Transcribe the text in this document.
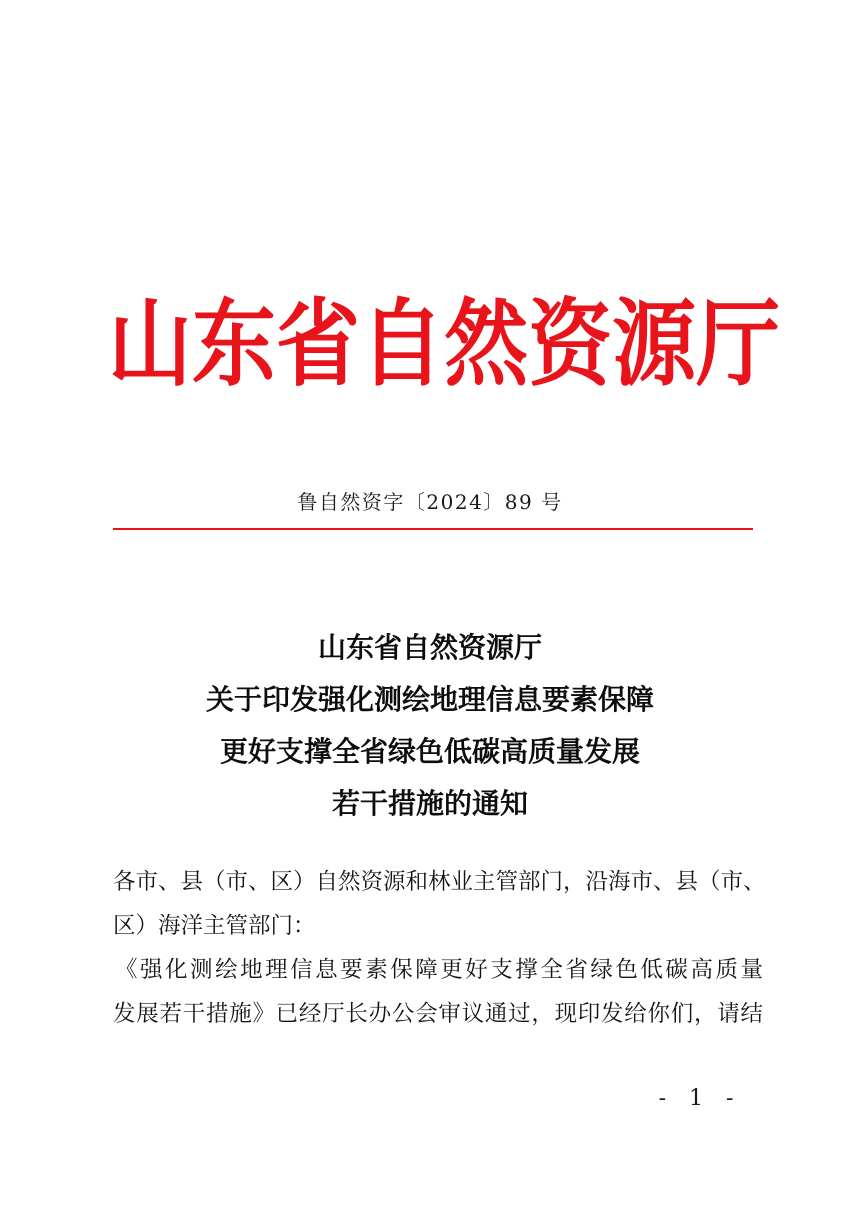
山 东 省 自 然 资 源 厅
鲁自然资字〔2024〕89 号
山东省自然资源厅
关于印发强化测绘地理信息要素保障
更好支撑全省绿色低碳高质量发展
若干措施的通知
各市、县（市、区）自然资源和林业主管部门，沿海市、县（市、
区）海洋主管部门：
《强化测绘地理信息要素保障更好支撑全省绿色低碳高质量
发展若干措施》已经厅长办公会审议通过，现印发给你们，请结
- 1 -
